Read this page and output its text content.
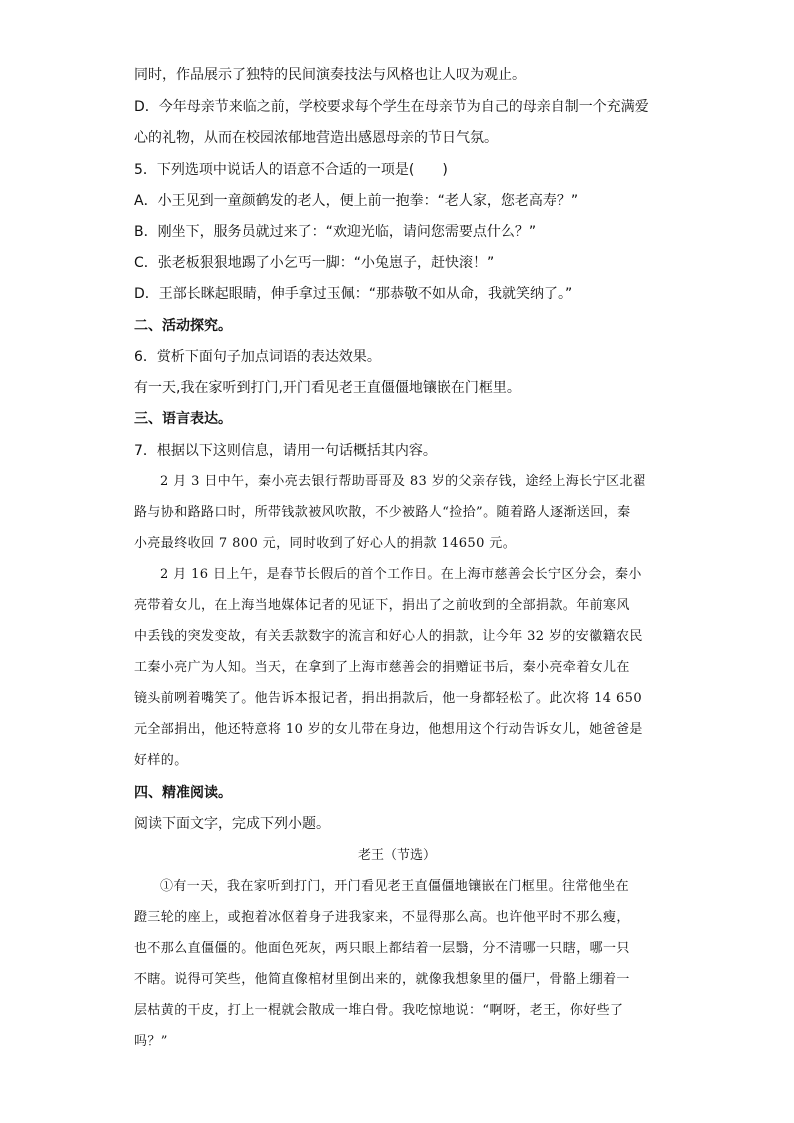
同时，作品展示了独特的民间演奏技法与风格也让人叹为观止。
D．今年母亲节来临之前，学校要求每个学生在母亲节为自己的母亲自制一个充满爱
心的礼物，从而在校园浓郁地营造出感恩母亲的节日气氛。
5．下列选项中说话人的语意不合适的一项是(　　)
A．小王见到一童颜鹤发的老人，便上前一抱拳：“老人家，您老高寿？”
B．刚坐下，服务员就过来了：“欢迎光临，请问您需要点什么？”
C．张老板狠狠地踢了小乞丐一脚：“小兔崽子，赶快滚！”
D．王部长眯起眼睛，伸手拿过玉佩：“那恭敬不如从命，我就笑纳了。”
二、活动探究。
6．赏析下面句子加点词语的表达效果。
有一天,我在家听到打门,开门看见老王直僵僵地镶嵌在门框里。
三、语言表达。
7．根据以下这则信息，请用一句话概括其内容。
2 月 3 日中午，秦小亮去银行帮助哥哥及 83 岁的父亲存钱，途经上海长宁区北翟
路与协和路路口时，所带钱款被风吹散，不少被路人“捡拾”。随着路人逐渐送回，秦
小亮最终收回 7 800 元，同时收到了好心人的捐款 14650 元。
2 月 16 日上午，是春节长假后的首个工作日。在上海市慈善会长宁区分会，秦小
亮带着女儿，在上海当地媒体记者的见证下，捐出了之前收到的全部捐款。年前寒风
中丢钱的突发变故，有关丢款数字的流言和好心人的捐款，让今年 32 岁的安徽籍农民
工秦小亮广为人知。当天，在拿到了上海市慈善会的捐赠证书后，秦小亮牵着女儿在
镜头前咧着嘴笑了。他告诉本报记者，捐出捐款后，他一身都轻松了。此次将 14 650
元全部捐出，他还特意将 10 岁的女儿带在身边，他想用这个行动告诉女儿，她爸爸是
好样的。
四、精准阅读。
阅读下面文字，完成下列小题。
老王（节选）
①有一天，我在家听到打门，开门看见老王直僵僵地镶嵌在门框里。往常他坐在
蹬三轮的座上，或抱着冰伛着身子进我家来，不显得那么高。也许他平时不那么瘦，
也不那么直僵僵的。他面色死灰，两只眼上都结着一层翳，分不清哪一只瞎，哪一只
不瞎。说得可笑些，他简直像棺材里倒出来的，就像我想象里的僵尸，骨骼上绷着一
层枯黄的干皮，打上一棍就会散成一堆白骨。我吃惊地说：“啊呀，老王，你好些了
吗？”
